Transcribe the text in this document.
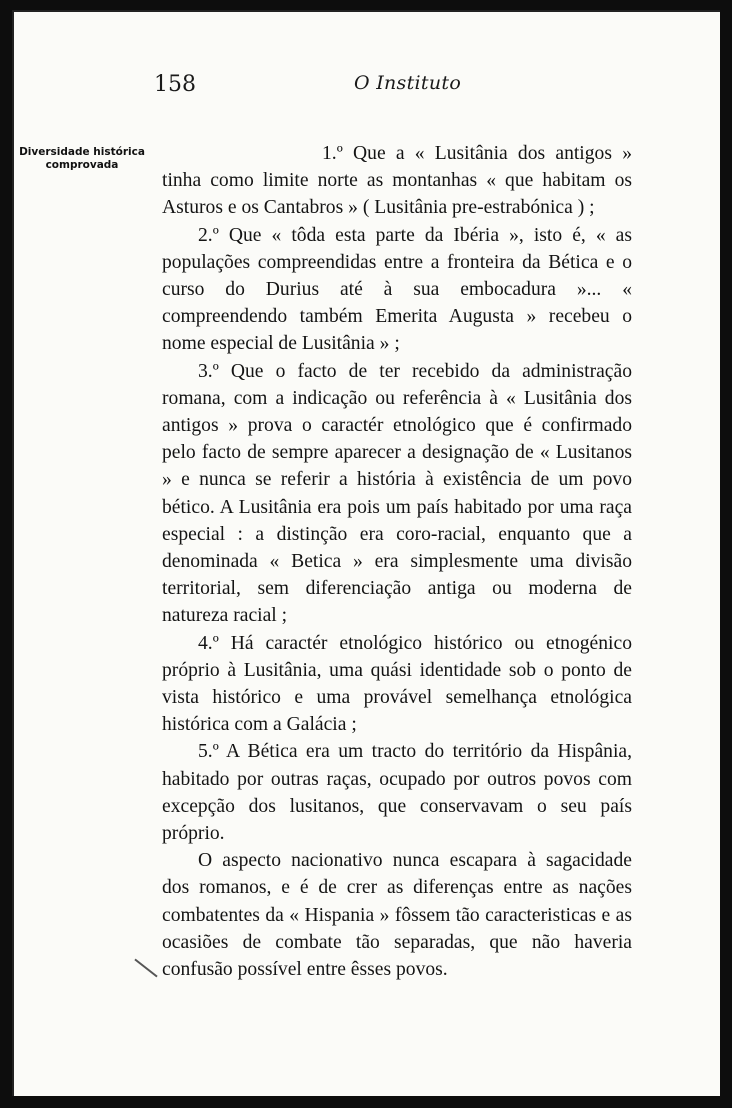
158	O Instituto
Diversidade histórica
comprovada

1.º Que a « Lusitânia dos antigos » tinha como limite norte as montanhas « que habitam os Asturos e os Cantabros » ( Lusitânia pre-estrabónica ) ;

2.º Que « tôda esta parte da Ibéria », isto é, « as populações compreendidas entre a fronteira da Bética e o curso do Durius até à sua embocadura »... « compreendendo também Emerita Augusta » recebeu o nome especial de Lusitânia » ;

3.º Que o facto de ter recebido da administração romana, com a indicação ou referência à « Lusitânia dos antigos » prova o caractér etnológico que é confirmado pelo facto de sempre aparecer a designação de « Lusitanos » e nunca se referir a história à existência de um povo bético. A Lusitânia era pois um país habitado por uma raça especial : a distinção era coro-racial, enquanto que a denominada « Betica » era simplesmente uma divisão territorial, sem diferenciação antiga ou moderna de natureza racial ;

4.º Há caractér etnológico histórico ou etnogénico próprio à Lusitânia, uma quási identidade sob o ponto de vista histórico e uma provável semelhança etnológica histórica com a Galácia ;

5.º A Bética era um tracto do território da Hispânia, habitado por outras raças, ocupado por outros povos com excepção dos lusitanos, que conservavam o seu país próprio.

O aspecto nacionativo nunca escapara à sagacidade dos romanos, e é de crer as diferenças entre as nações combatentes da « Hispania » fôssem tão caracteristicas e as ocasiões de combate tão separadas, que não haveria confusão possível entre êsses povos.
